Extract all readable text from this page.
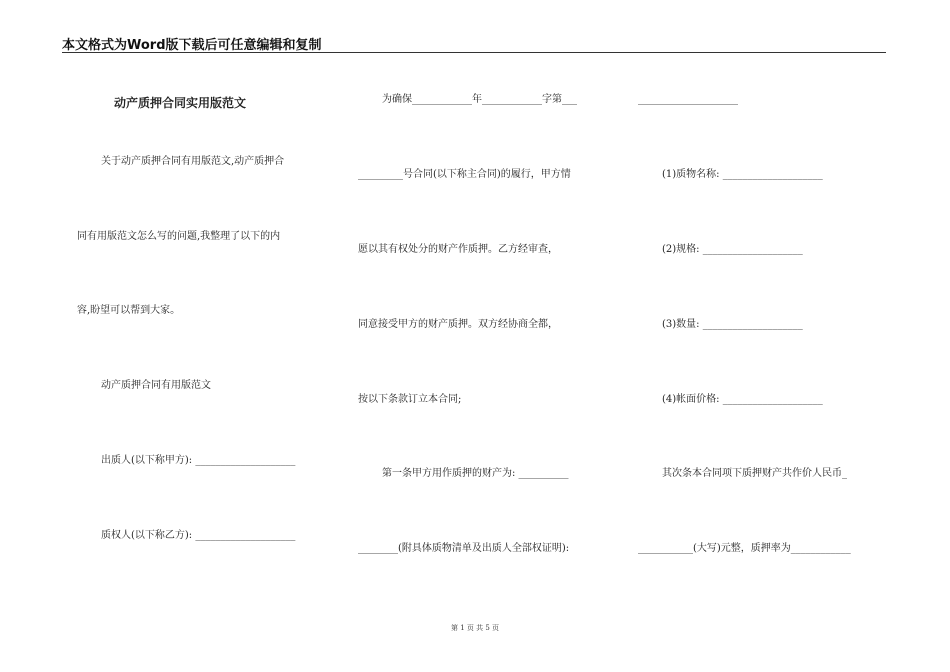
本文格式为Word版下载后可任意编辑和复制
动产质押合同实用版范文
关于动产质押合同有用版范文,动产质押合
同有用版范文怎么写的问题,我整理了以下的内
容,盼望可以帮到大家。
动产质押合同有用版范文
出质人(以下称甲方): ____________________
质权人(以下称乙方): ____________________
为确保____________年____________字第___
_________号合同(以下称主合同)的履行，甲方情
愿以其有权处分的财产作质押。乙方经审查，
同意接受甲方的财产质押。双方经协商全都，
按以下条款订立本合同;
第一条甲方用作质押的财产为: __________
________(附具体质物清单及出质人全部权证明):
____________________
(1)质物名称: ____________________
(2)规格: ____________________
(3)数量: ____________________
(4)帐面价格: ____________________
其次条本合同项下质押财产共作价人民币_
___________(大写)元整，质押率为____________
第 1 页 共 5 页
